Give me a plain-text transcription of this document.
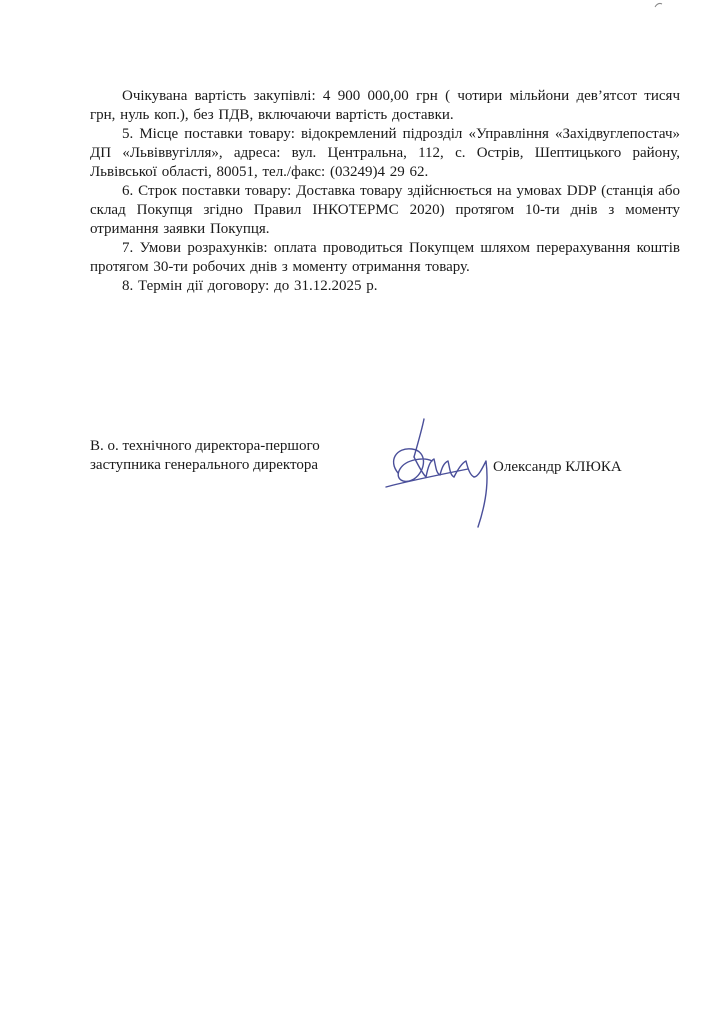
Очікувана вартість закупівлі: 4 900 000,00 грн ( чотири мільйони дев’ятсот тисяч грн, нуль коп.), без ПДВ, включаючи вартість доставки.

5. Місце поставки товару: відокремлений підрозділ «Управління «Західвуглепостач» ДП «Львіввугілля», адреса: вул. Центральна, 112, с. Острів, Шептицького району, Львівської області, 80051, тел./факс: (03249)4 29 62.

6. Строк поставки товару: Доставка товару здійснюється на умовах DDP (станція або склад Покупця згідно Правил ІНКОТЕРМС 2020) протягом 10-ти днів з моменту отримання заявки Покупця.

7. Умови розрахунків: оплата проводиться Покупцем шляхом перерахування коштів протягом 30-ти робочих днів з моменту отримання товару.

8. Термін дії договору: до 31.12.2025 р.

В. о. технічного директора-першого
заступника генерального директора	Олександр КЛЮКА
